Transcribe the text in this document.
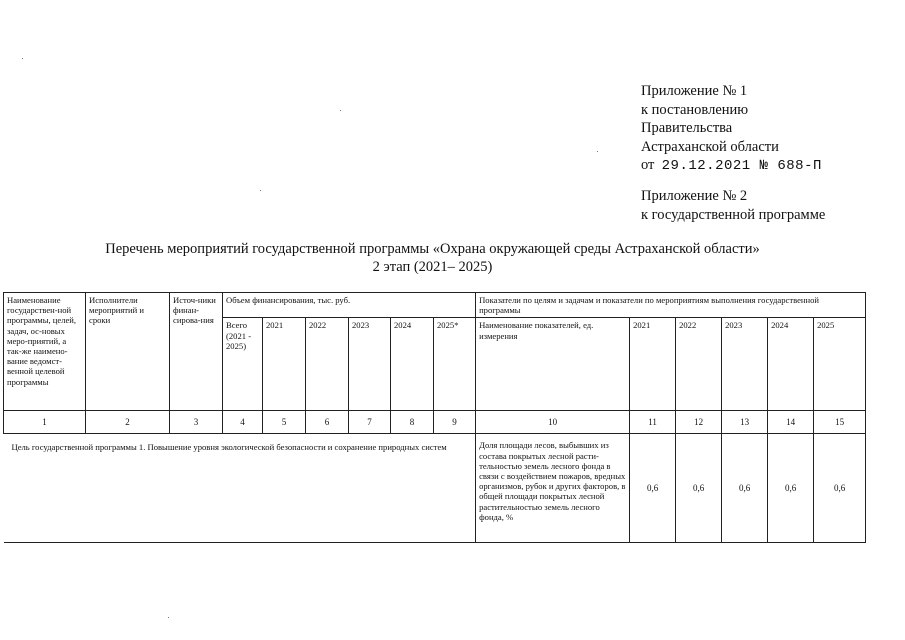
Приложение № 1
к постановлению
Правительства
Астраханской области
от 29.12.2021 № 688-П
Приложение № 2
к государственной программе
Перечень мероприятий государственной программы «Охрана окружающей среды Астраханской области»
2 этап (2021– 2025)
Наименование государствен-ной программы, целей, задач, ос-новых меро-приятий, а так-же наимено-вание ведомст-венной целевой программы	Исполнители мероприятий и сроки	Источ-ники финан-сирова-ния	Объем финансирования, тыс. руб.						Показатели по целям и задачам и показатели по мероприятиям выполнения государственной программы					
			Всего (2021 - 2025)	2021	2022	2023	2024	2025*	Наименование показателей, ед. измерения	2021	2022	2023	2024	2025
1	2	3	4	5	6	7	8	9	10	11	12	13	14	15
Цель государственной программы 1. Повышение уровня экологической безопасности и сохранение природных систем									Доля площади лесов, выбывших из состава покрытых лесной расти-тельностью земель лесного фонда в связи с воздействием пожаров, вредных организмов, рубок и других факторов, в общей площади покрытых лесной растительностью земель лесного фонда, %	0,6	0,6	0,6	0,6	0,6
